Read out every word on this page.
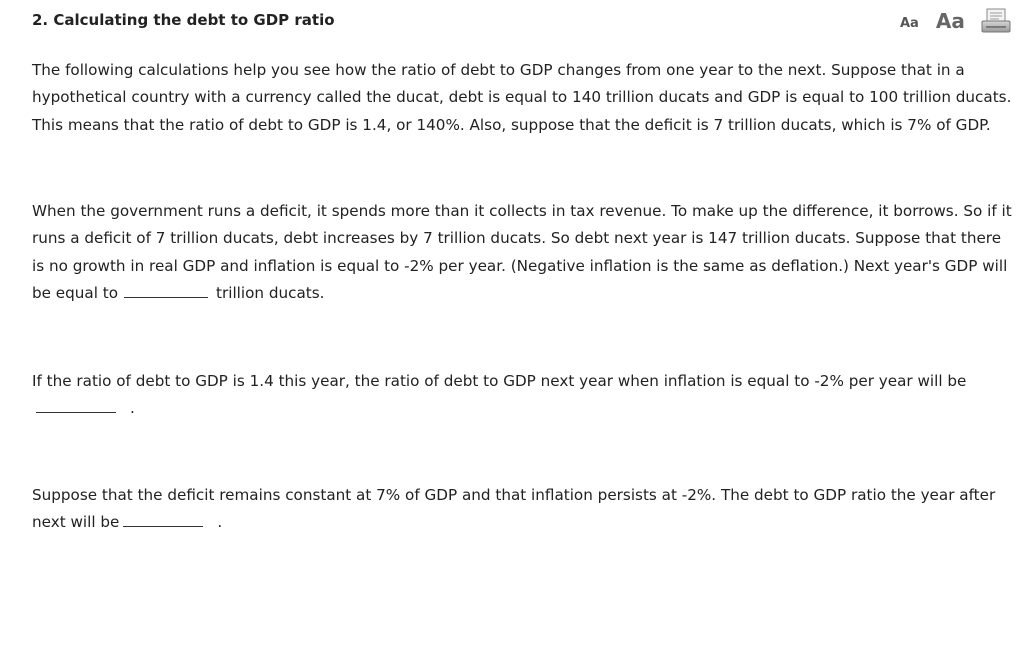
2. Calculating the debt to GDP ratio	Aa Aa

The following calculations help you see how the ratio of debt to GDP changes from one year to the next. Suppose that in a hypothetical country with a currency called the ducat, debt is equal to 140 trillion ducats and GDP is equal to 100 trillion ducats. This means that the ratio of debt to GDP is 1.4, or 140%. Also, suppose that the deficit is 7 trillion ducats, which is 7% of GDP.

When the government runs a deficit, it spends more than it collects in tax revenue. To make up the difference, it borrows. So if it runs a deficit of 7 trillion ducats, debt increases by 7 trillion ducats. So debt next year is 147 trillion ducats. Suppose that there is no growth in real GDP and inflation is equal to -2% per year. (Negative inflation is the same as deflation.) Next year's GDP will be equal to	trillion ducats.

If the ratio of debt to GDP is 1.4 this year, the ratio of debt to GDP next year when inflation is equal to -2% per year will be.

Suppose that the deficit remains constant at 7% of GDP and that inflation persists at -2%. The debt to GDP ratio the year after next will be	.
